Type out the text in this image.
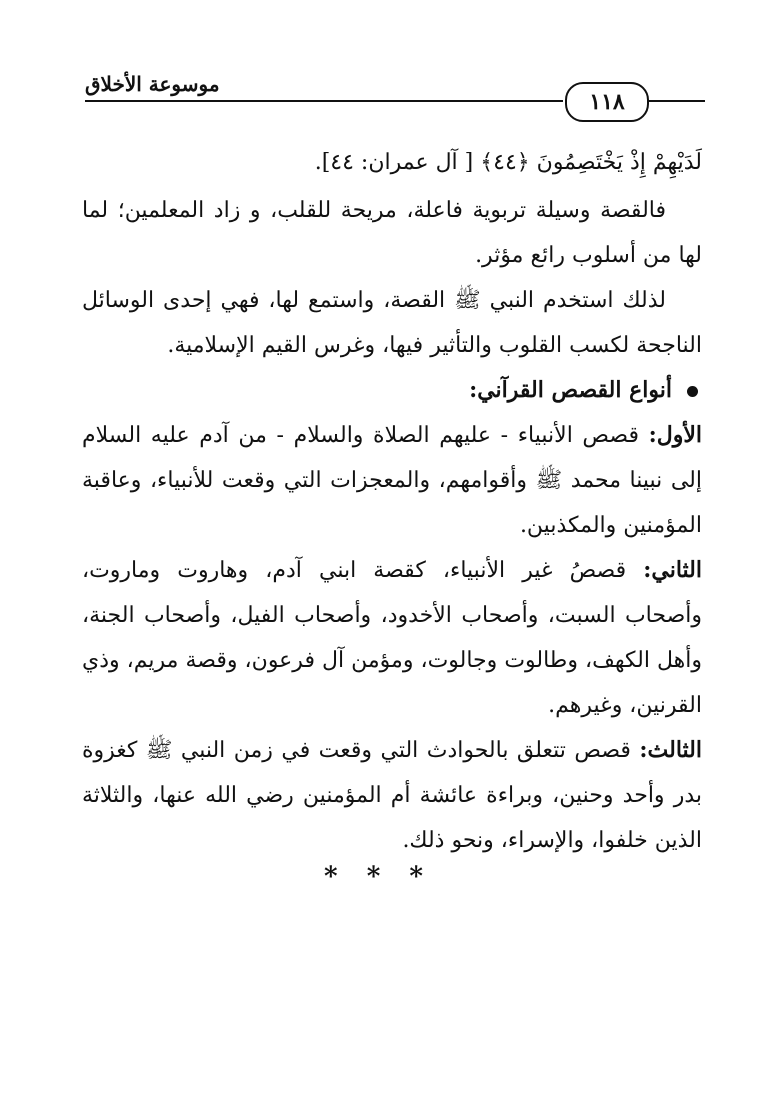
موسوعة الأخلاق
١١٨

لَدَيْهِمْ إِذْ يَخْتَصِمُونَ ﴿٤٤﴾ [ آل عمران: ٤٤].

فالقصة وسيلة تربوية فاعلة، مريحة للقلب، و زاد المعلمين؛ لما لها من أسلوب رائع مؤثر.

لذلك استخدم النبي ﷺ القصة، واستمع لها، فهي إحدى الوسائل الناجحة لكسب القلوب والتأثير فيها، وغرس القيم الإسلامية.

أنواع القصص القرآني:

الأول: قصص الأنبياء - عليهم الصلاة والسلام - من آدم عليه السلام إلى نبينا محمد ﷺ وأقوامهم، والمعجزات التي وقعت للأنبياء، وعاقبة المؤمنين والمكذبين.

الثاني: قصصُ غير الأنبياء، كقصة ابني آدم، وهاروت وماروت، وأصحاب السبت، وأصحاب الأخدود، وأصحاب الفيل، وأصحاب الجنة، وأهل الكهف، وطالوت وجالوت، ومؤمن آل فرعون، وقصة مريم، وذي القرنين، وغيرهم.

الثالث: قصص تتعلق بالحوادث التي وقعت في زمن النبي ﷺ كغزوة بدر وأحد وحنين، وبراءة عائشة أم المؤمنين رضي الله عنها، والثلاثة الذين خلفوا، والإسراء، ونحو ذلك.

* * *
